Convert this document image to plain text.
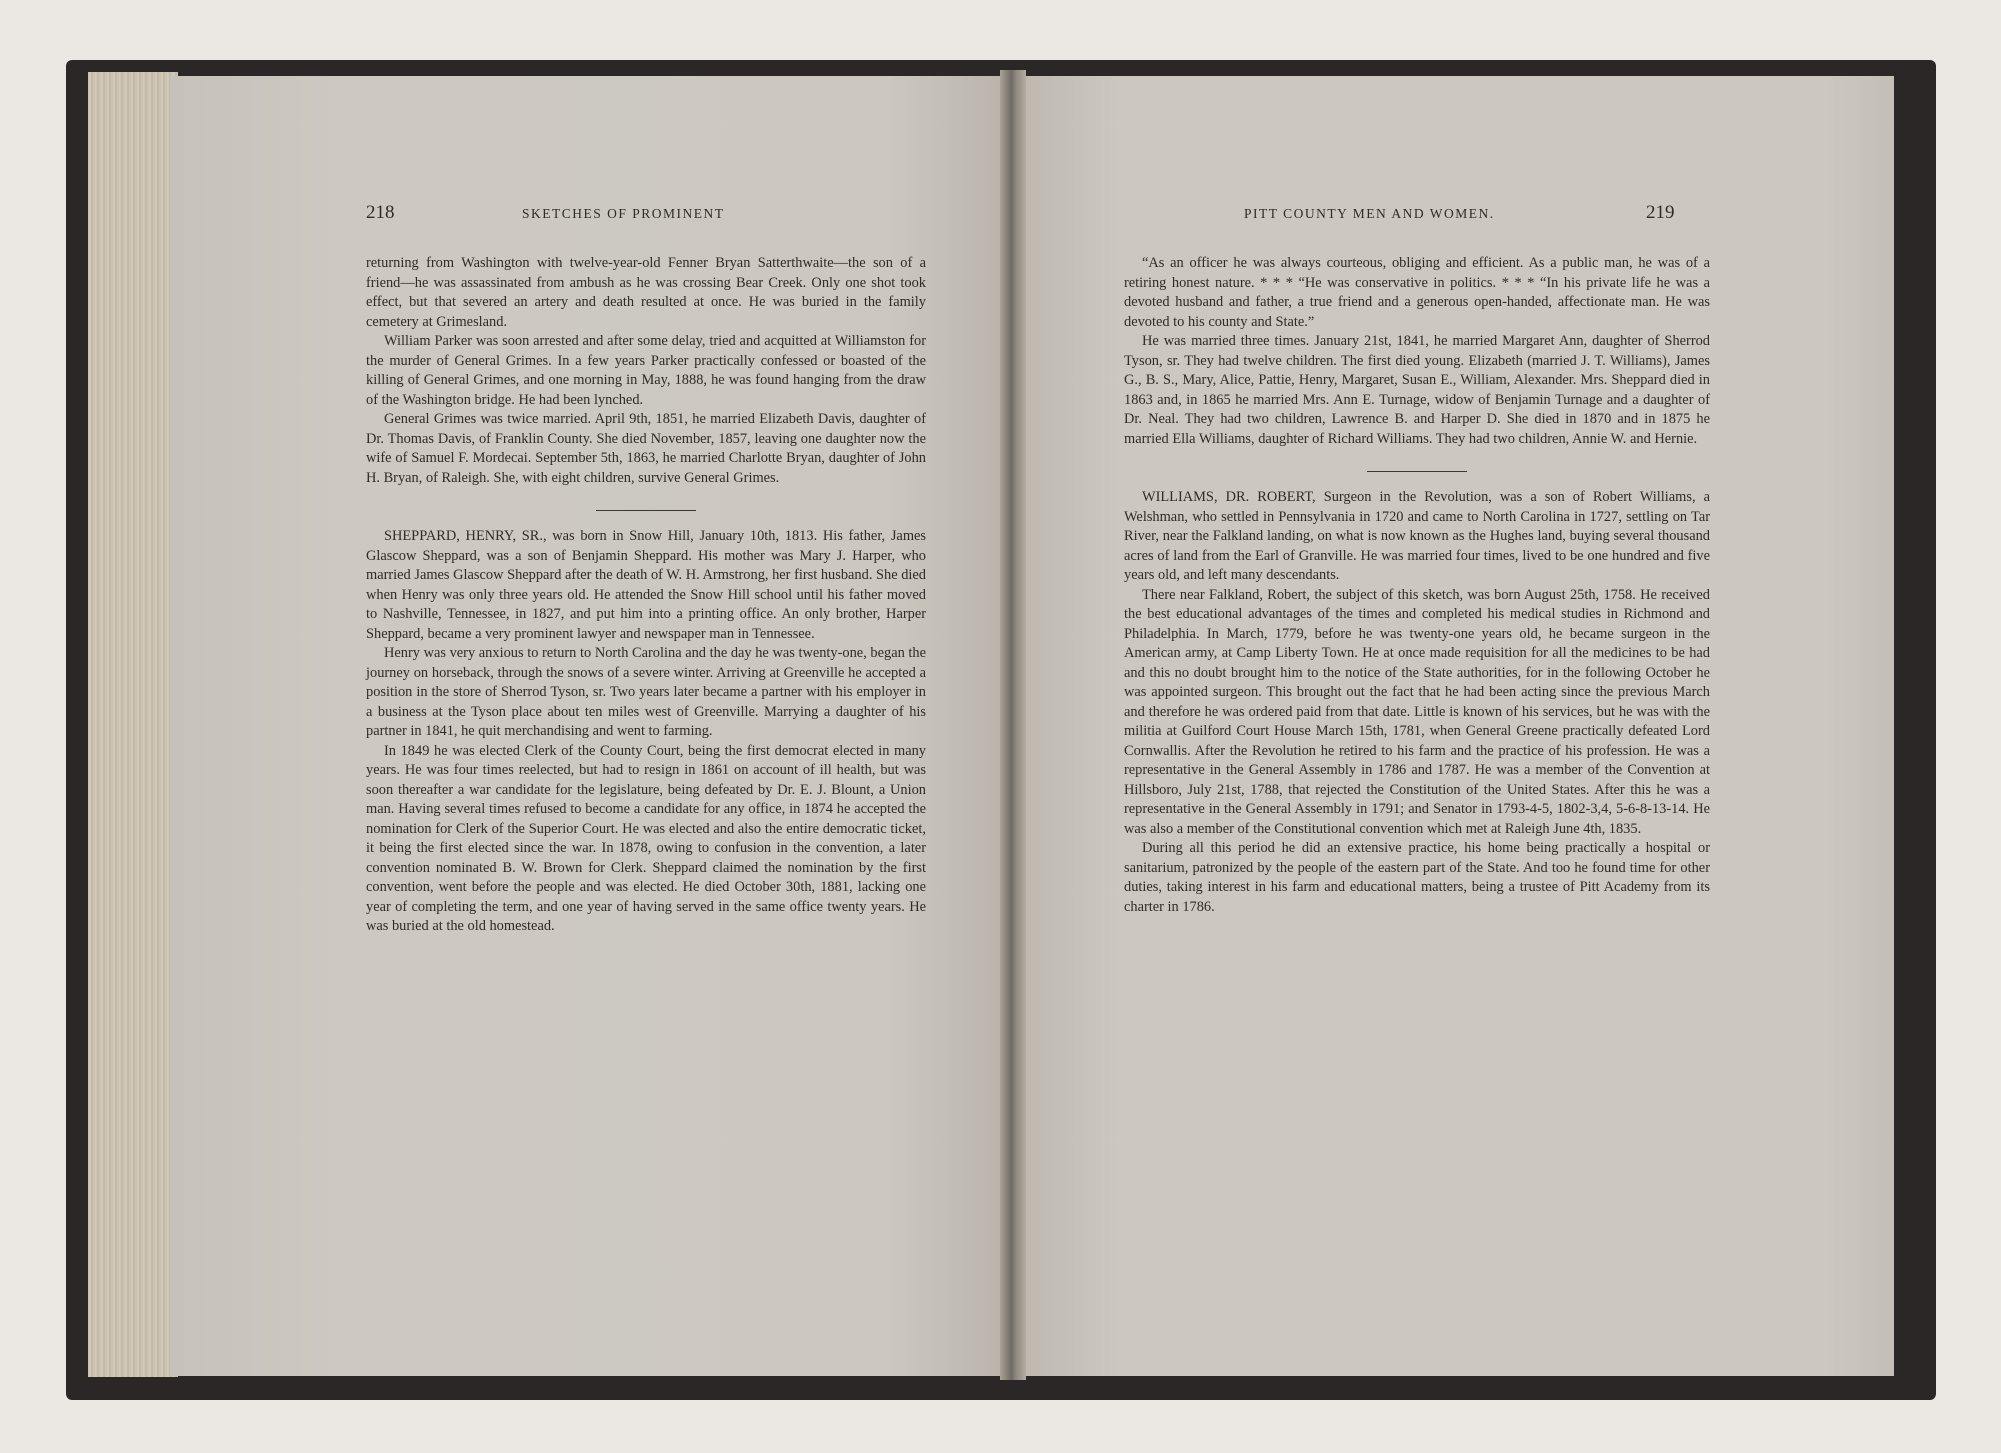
218	SKETCHES OF PROMINENT

returning from Washington with twelve-year-old Fenner Bryan Satterthwaite—the son of a friend—he was assassinated from ambush as he was crossing Bear Creek. Only one shot took effect, but that severed an artery and death resulted at once. He was buried in the family cemetery at Grimesland.

William Parker was soon arrested and after some delay, tried and acquitted at Williamston for the murder of General Grimes. In a few years Parker practically confessed or boasted of the killing of General Grimes, and one morning in May, 1888, he was found hanging from the draw of the Washington bridge. He had been lynched.

General Grimes was twice married. April 9th, 1851, he married Elizabeth Davis, daughter of Dr. Thomas Davis, of Franklin County. She died November, 1857, leaving one daughter now the wife of Samuel F. Mordecai. September 5th, 1863, he married Charlotte Bryan, daughter of John H. Bryan, of Raleigh. She, with eight children, survive General Grimes.

SHEPPARD, HENRY, SR., was born in Snow Hill, January 10th, 1813. His father, James Glascow Sheppard, was a son of Benjamin Sheppard. His mother was Mary J. Harper, who married James Glascow Sheppard after the death of W. H. Armstrong, her first husband. She died when Henry was only three years old. He attended the Snow Hill school until his father moved to Nashville, Tennessee, in 1827, and put him into a printing office. An only brother, Harper Sheppard, became a very prominent lawyer and newspaper man in Tennessee.

Henry was very anxious to return to North Carolina and the day he was twenty-one, began the journey on horseback, through the snows of a severe winter. Arriving at Greenville he accepted a position in the store of Sherrod Tyson, sr. Two years later became a partner with his employer in a business at the Tyson place about ten miles west of Greenville. Marrying a daughter of his partner in 1841, he quit merchandising and went to farming.

In 1849 he was elected Clerk of the County Court, being the first democrat elected in many years. He was four times reelected, but had to resign in 1861 on account of ill health, but was soon thereafter a war candidate for the legislature, being defeated by Dr. E. J. Blount, a Union man. Having several times refused to become a candidate for any office, in 1874 he accepted the nomination for Clerk of the Superior Court. He was elected and also the entire democratic ticket, it being the first elected since the war. In 1878, owing to confusion in the convention, a later convention nominated B. W. Brown for Clerk. Sheppard claimed the nomination by the first convention, went before the people and was elected. He died October 30th, 1881, lacking one year of completing the term, and one year of having served in the same office twenty years. He was buried at the old homestead.

PITT COUNTY MEN AND WOMEN.	219

“As an officer he was always courteous, obliging and efficient. As a public man, he was of a retiring honest nature. * * * “He was conservative in politics. * * * “In his private life he was a devoted husband and father, a true friend and a generous open-handed, affectionate man. He was devoted to his county and State.”

He was married three times. January 21st, 1841, he married Margaret Ann, daughter of Sherrod Tyson, sr. They had twelve children. The first died young. Elizabeth (married J. T. Williams), James G., B. S., Mary, Alice, Pattie, Henry, Margaret, Susan E., William, Alexander. Mrs. Sheppard died in 1863 and, in 1865 he married Mrs. Ann E. Turnage, widow of Benjamin Turnage and a daughter of Dr. Neal. They had two children, Lawrence B. and Harper D. She died in 1870 and in 1875 he married Ella Williams, daughter of Richard Williams. They had two children, Annie W. and Hernie.

WILLIAMS, DR. ROBERT, Surgeon in the Revolution, was a son of Robert Williams, a Welshman, who settled in Pennsylvania in 1720 and came to North Carolina in 1727, settling on Tar River, near the Falkland landing, on what is now known as the Hughes land, buying several thousand acres of land from the Earl of Granville. He was married four times, lived to be one hundred and five years old, and left many descendants.

There near Falkland, Robert, the subject of this sketch, was born August 25th, 1758. He received the best educational advantages of the times and completed his medical studies in Richmond and Philadelphia. In March, 1779, before he was twenty-one years old, he became surgeon in the American army, at Camp Liberty Town. He at once made requisition for all the medicines to be had and this no doubt brought him to the notice of the State authorities, for in the following October he was appointed surgeon. This brought out the fact that he had been acting since the previous March and therefore he was ordered paid from that date. Little is known of his services, but he was with the militia at Guilford Court House March 15th, 1781, when General Greene practically defeated Lord Cornwallis. After the Revolution he retired to his farm and the practice of his profession. He was a representative in the General Assembly in 1786 and 1787. He was a member of the Convention at Hillsboro, July 21st, 1788, that rejected the Constitution of the United States. After this he was a representative in the General Assembly in 1791; and Senator in 1793-4-5, 1802-3,4, 5-6-8-13-14. He was also a member of the Constitutional convention which met at Raleigh June 4th, 1835.

During all this period he did an extensive practice, his home being practically a hospital or sanitarium, patronized by the people of the eastern part of the State. And too he found time for other duties, taking interest in his farm and educational matters, being a trustee of Pitt Academy from its charter in 1786.
